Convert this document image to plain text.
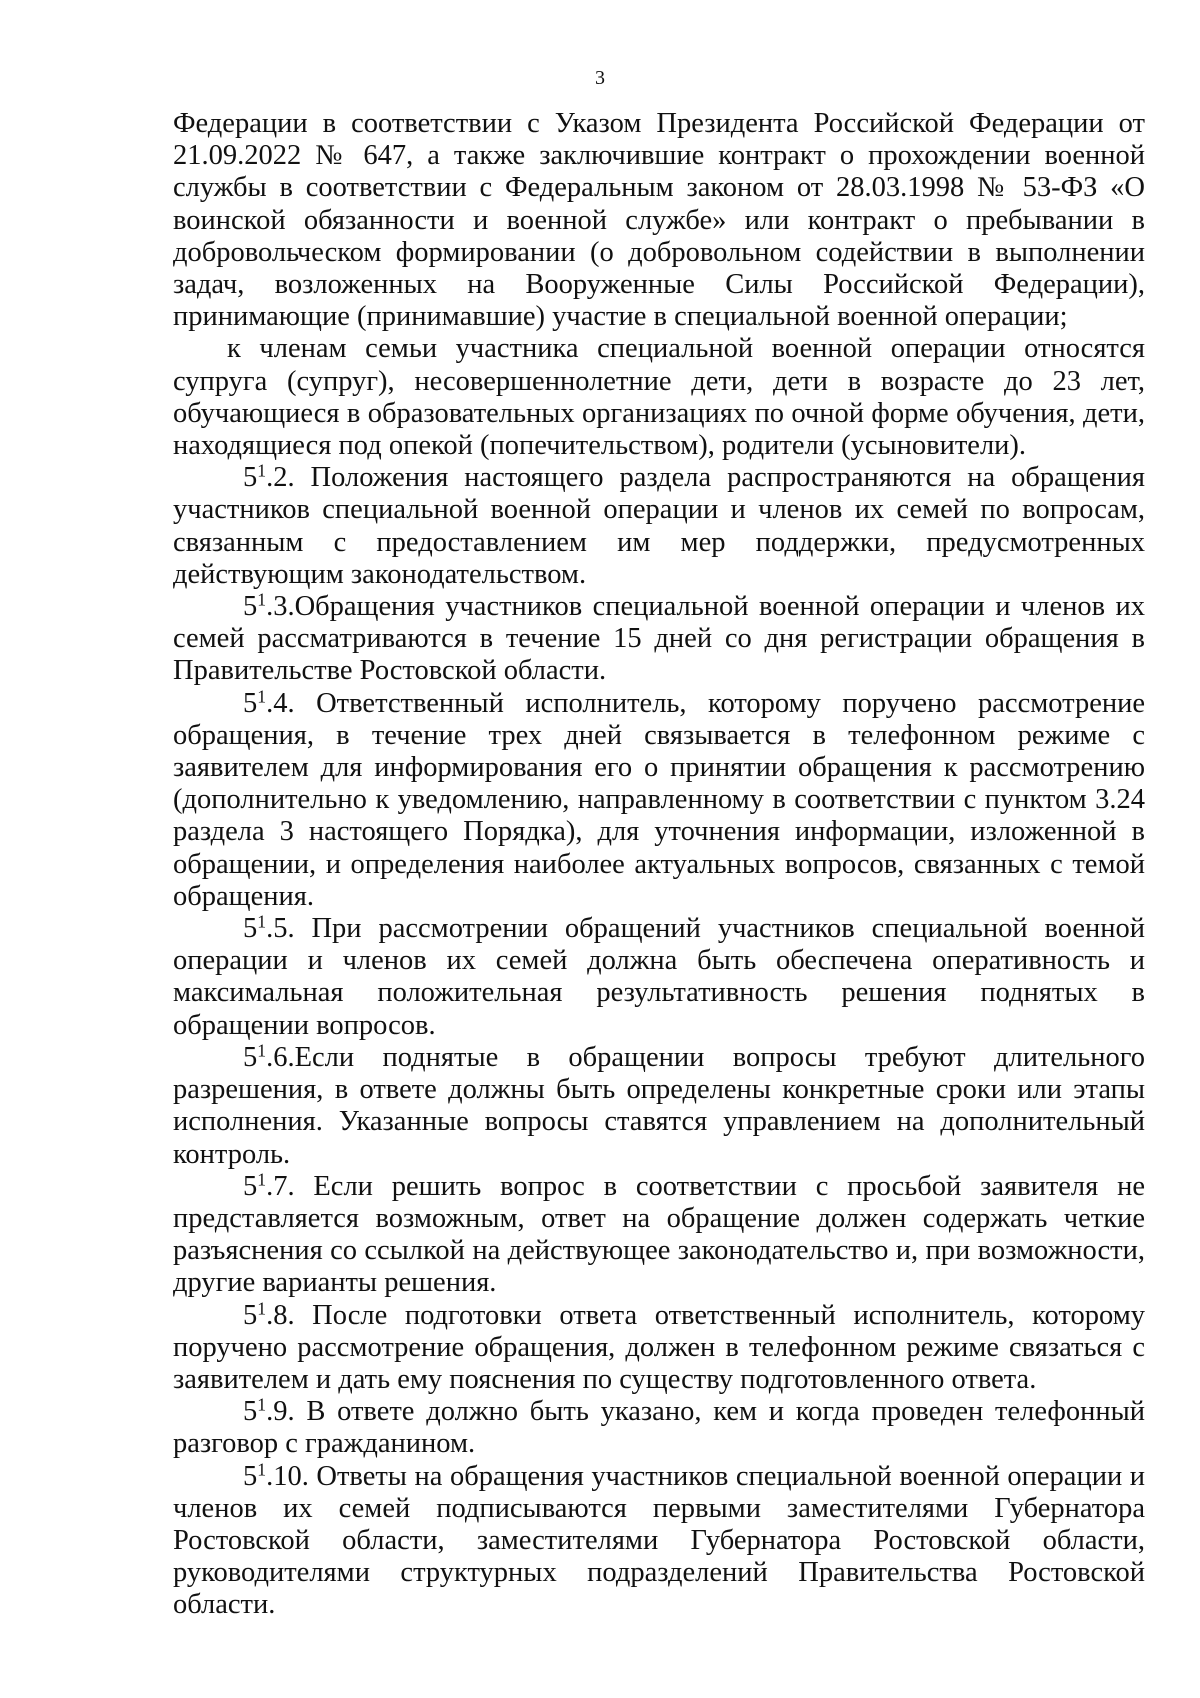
3

Федерации в соответствии с Указом Президента Российской Федерации от 21.09.2022 № 647, а также заключившие контракт о прохождении военной службы в соответствии с Федеральным законом от 28.03.1998 № 53-ФЗ «О воинской обязанности и военной службе» или контракт о пребывании в добровольческом формировании (о добровольном содействии в выполнении задач, возложенных на Вооруженные Силы Российской Федерации), принимающие (принимавшие) участие в специальной военной операции;

к членам семьи участника специальной военной операции относятся супруга (супруг), несовершеннолетние дети, дети в возрасте до 23 лет, обучающиеся в образовательных организациях по очной форме обучения, дети, находящиеся под опекой (попечительством), родители (усыновители).

$5^1.2$. Положения настоящего раздела распространяются на обращения участников специальной военной операции и членов их семей по вопросам, связанным с предоставлением им мер поддержки, предусмотренных действующим законодательством.

$5^1.3.Обращения$ участников специальной военной операции и членов их семей рассматриваются в течение 15 дней со дня регистрации обращения в Правительстве Ростовской области.

$5^1.4$. Ответственный исполнитель, которому поручено рассмотрение обращения, в течение трех дней связывается в телефонном режиме с заявителем для информирования его о принятии обращения к рассмотрению (дополнительно к уведомлению, направленному в соответствии с пунктом 3.24 раздела 3 настоящего Порядка), для уточнения информации, изложенной в обращении, и определения наиболее актуальных вопросов, связанных с темой обращения.

$5^1.5$. При рассмотрении обращений участников специальной военной операции и членов их семей должна быть обеспечена оперативность и максимальная положительная результативность решения поднятых в обращении вопросов.

$5^1.6.Если$ поднятые в обращении вопросы требуют длительного разрешения, в ответе должны быть определены конкретные сроки или этапы исполнения. Указанные вопросы ставятся управлением на дополнительный контроль.

$5^1.7$. Если решить вопрос в соответствии с просьбой заявителя не представляется возможным, ответ на обращение должен содержать четкие разъяснения со ссылкой на действующее законодательство и, при возможности, другие варианты решения.

$5^1.8$. После подготовки ответа ответственный исполнитель, которому поручено рассмотрение обращения, должен в телефонном режиме связаться с заявителем и дать ему пояснения по существу подготовленного ответа.

$5^1.9$. В ответе должно быть указано, кем и когда проведен телефонный разговор с гражданином.

$5^1.10$. Ответы на обращения участников специальной военной операции и членов их семей подписываются первыми заместителями Губернатора Ростовской области, заместителями Губернатора Ростовской области, руководителями структурных подразделений Правительства Ростовской области.
